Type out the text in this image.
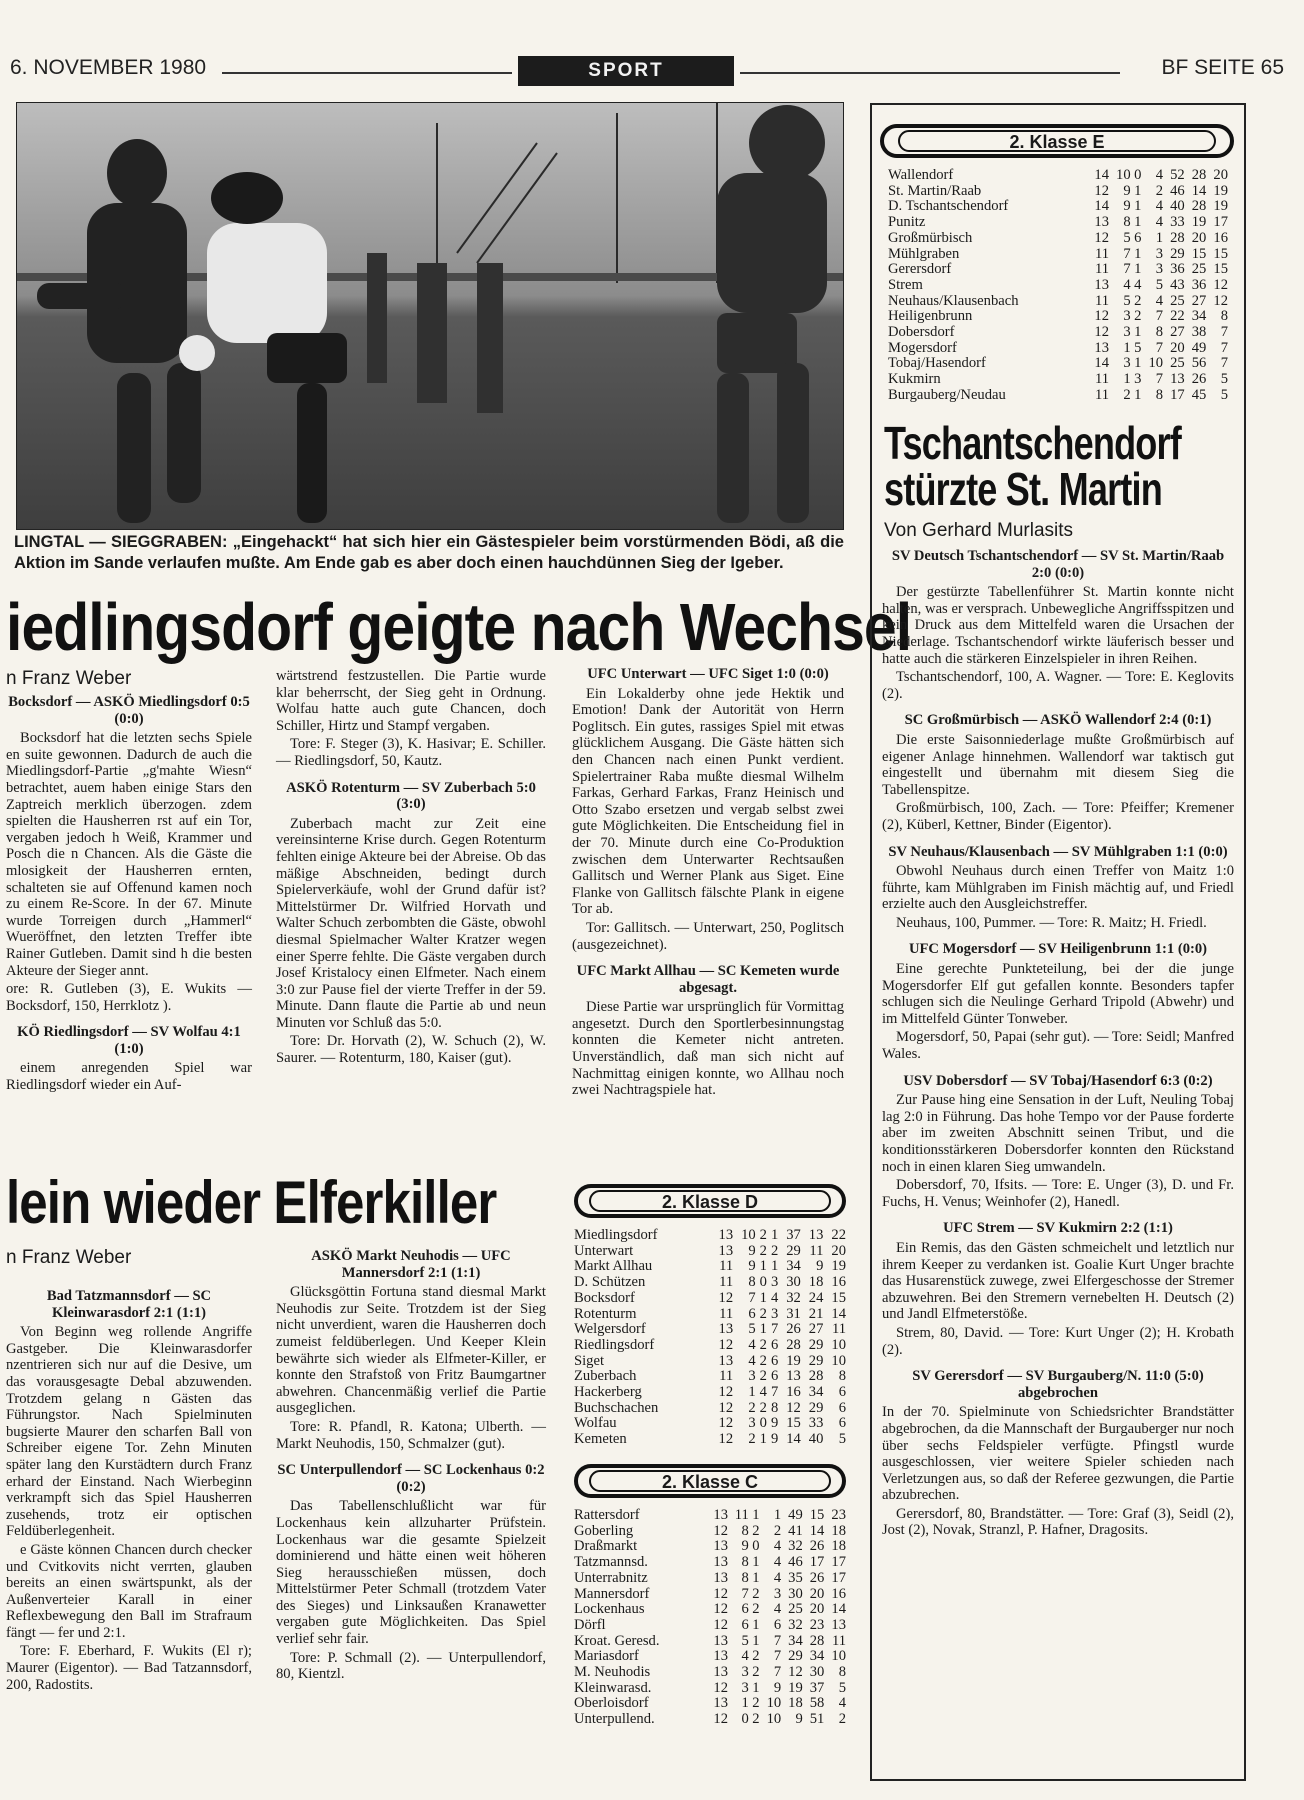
6. NOVEMBER 1980	SPORT	BF SEITE 65
LINGTAL — SIEGGRABEN: „Eingehackt“ hat sich hier ein Gästespieler beim vorstürmenden Bödi, aß die Aktion im Sande verlaufen mußte. Am Ende gab es aber doch einen hauchdünnen Sieg der Igeber.
iedlingsdorf geigte nach Wechsel
n Franz Weber

Bocksdorf — ASKÖ Miedlingsdorf 0:5 (0:0)

Bocksdorf hat die letzten sechs Spiele en suite gewonnen. Dadurch de auch die Miedlingsdorf-Partie „g'mahte Wiesn“ betrachtet, auem haben einige Stars den Zaptreich merklich überzogen. zdem spielten die Hausherren rst auf ein Tor, vergaben jedoch h Weiß, Krammer und Posch die n Chancen. Als die Gäste die mlosigkeit der Hausherren ernten, schalteten sie auf Offenund kamen noch zu einem Re-Score. In der 67. Minute wurde Torreigen durch „Hammerl“ Wueröffnet, den letzten Treffer ibte Rainer Gutleben. Damit sind h die besten Akteure der Sieger annt.

ore: R. Gutleben (3), E. Wukits — Bocksdorf, 150, Herrklotz ).

KÖ Riedlingsdorf — SV Wolfau 4:1 (1:0)

einem anregenden Spiel war Riedlingsdorf wieder ein Auf-

wärtstrend festzustellen. Die Partie wurde klar beherrscht, der Sieg geht in Ordnung. Wolfau hatte auch gute Chancen, doch Schiller, Hirtz und Stampf vergaben.

Tore: F. Steger (3), K. Hasivar; E. Schiller. — Riedlingsdorf, 50, Kautz.

ASKÖ Rotenturm — SV Zuberbach 5:0 (3:0)

Zuberbach macht zur Zeit eine vereinsinterne Krise durch. Gegen Rotenturm fehlten einige Akteure bei der Abreise. Ob das mäßige Abschneiden, bedingt durch Spielerverkäufe, wohl der Grund dafür ist? Mittelstürmer Dr. Wilfried Horvath und Walter Schuch zerbombten die Gäste, obwohl diesmal Spielmacher Walter Kratzer wegen einer Sperre fehlte. Die Gäste vergaben durch Josef Kristalocy einen Elfmeter. Nach einem 3:0 zur Pause fiel der vierte Treffer in der 59. Minute. Dann flaute die Partie ab und neun Minuten vor Schluß das 5:0.

Tore: Dr. Horvath (2), W. Schuch (2), W. Saurer. — Rotenturm, 180, Kaiser (gut).

UFC Unterwart — UFC Siget 1:0 (0:0)

Ein Lokalderby ohne jede Hektik und Emotion! Dank der Autorität von Herrn Poglitsch. Ein gutes, rassiges Spiel mit etwas glücklichem Ausgang. Die Gäste hätten sich den Chancen nach einen Punkt verdient. Spielertrainer Raba mußte diesmal Wilhelm Farkas, Gerhard Farkas, Franz Heinisch und Otto Szabo ersetzen und vergab selbst zwei gute Möglichkeiten. Die Entscheidung fiel in der 70. Minute durch eine Co-Produktion zwischen dem Unterwarter Rechtsaußen Gallitsch und Werner Plank aus Siget. Eine Flanke von Gallitsch fälschte Plank in eigene Tor ab.

Tor: Gallitsch. — Unterwart, 250, Poglitsch (ausgezeichnet).

UFC Markt Allhau — SC Kemeten wurde abgesagt.

Diese Partie war ursprünglich für Vormittag angesetzt. Durch den Sportlerbesinnungstag konnten die Kemeter nicht antreten. Unverständlich, daß man sich nicht auf Nachmittag einigen konnte, wo Allhau noch zwei Nachtragspiele hat.

lein wieder Elferkiller
n Franz Weber

Bad Tatzmannsdorf — SC Kleinwarasdorf 2:1 (1:1)

Von Beginn weg rollende Angriffe Gastgeber. Die Kleinwarasdorfer nzentrieren sich nur auf die Desive, um das vorausgesagte Debal abzuwenden. Trotzdem gelang n Gästen das Führungstor. Nach Spielminuten bugsierte Maurer den scharfen Ball von Schreiber eigene Tor. Zehn Minuten später lang den Kurstädtern durch Franz erhard der Einstand. Nach Wierbeginn verkrampft sich das Spiel Hausherren zusehends, trotz eir optischen Feldüberlegenheit.

e Gäste können Chancen durch checker und Cvitkovits nicht verrten, glauben bereits an einen swärtspunkt, als der Außenverteier Karall in einer Reflexbewegung den Ball im Strafraum fängt — fer und 2:1.

Tore: F. Eberhard, F. Wukits (El r); Maurer (Eigentor). — Bad Tatzannsdorf, 200, Radostits.

ASKÖ Markt Neuhodis — UFC Mannersdorf 2:1 (1:1)

Glücksgöttin Fortuna stand diesmal Markt Neuhodis zur Seite. Trotzdem ist der Sieg nicht unverdient, waren die Hausherren doch zumeist feldüberlegen. Und Keeper Klein bewährte sich wieder als Elfmeter-Killer, er konnte den Strafstoß von Fritz Baumgartner abwehren. Chancenmäßig verlief die Partie ausgeglichen.

Tore: R. Pfandl, R. Katona; Ulberth. — Markt Neuhodis, 150, Schmalzer (gut).

SC Unterpullendorf — SC Lockenhaus 0:2 (0:2)

Das Tabellenschlußlicht war für Lockenhaus kein allzuharter Prüfstein. Lockenhaus war die gesamte Spielzeit dominierend und hätte einen weit höheren Sieg herausschießen müssen, doch Mittelstürmer Peter Schmall (trotzdem Vater des Sieges) und Linksaußen Kranawetter vergaben gute Möglichkeiten. Das Spiel verlief sehr fair.

Tore: P. Schmall (2). — Unterpullendorf, 80, Kientzl.

2. Klasse D
Miedlingsdorf	13	10	2	1	37	13	22
Unterwart	13	9	2	2	29	11	20
Markt Allhau	11	9	1	1	34	9	19
D. Schützen	11	8	0	3	30	18	16
Bocksdorf	12	7	1	4	32	24	15
Rotenturm	11	6	2	3	31	21	14
Welgersdorf	13	5	1	7	26	27	11
Riedlingsdorf	12	4	2	6	28	29	10
Siget	13	4	2	6	19	29	10
Zuberbach	11	3	2	6	13	28	8
Hackerberg	12	1	4	7	16	34	6
Buchschachen	12	2	2	8	12	29	6
Wolfau	12	3	0	9	15	33	6
Kemeten	12	2	1	9	14	40	5
2. Klasse C
Rattersdorf	13	11	1	1	49	15	23
Goberling	12	8	2	2	41	14	18
Draßmarkt	13	9	0	4	32	26	18
Tatzmannsd.	13	8	1	4	46	17	17
Unterrabnitz	13	8	1	4	35	26	17
Mannersdorf	12	7	2	3	30	20	16
Lockenhaus	12	6	2	4	25	20	14
Dörfl	12	6	1	6	32	23	13
Kroat. Geresd.	13	5	1	7	34	28	11
Mariasdorf	13	4	2	7	29	34	10
M. Neuhodis	13	3	2	7	12	30	8
Kleinwarasd.	12	3	1	9	19	37	5
Oberloisdorf	13	1	2	10	18	58	4
Unterpullend.	12	0	2	10	9	51	2
2. Klasse E
Wallendorf	14	10	0	4	52	28	20
St. Martin/Raab	12	9	1	2	46	14	19
D. Tschantschendorf	14	9	1	4	40	28	19
Punitz	13	8	1	4	33	19	17
Großmürbisch	12	5	6	1	28	20	16
Mühlgraben	11	7	1	3	29	15	15
Gerersdorf	11	7	1	3	36	25	15
Strem	13	4	4	5	43	36	12
Neuhaus/Klausenbach	11	5	2	4	25	27	12
Heiligenbrunn	12	3	2	7	22	34	8
Dobersdorf	12	3	1	8	27	38	7
Mogersdorf	13	1	5	7	20	49	7
Tobaj/Hasendorf	14	3	1	10	25	56	7
Kukmirn	11	1	3	7	13	26	5
Burgauberg/Neudau	11	2	1	8	17	45	5
Tschantschendorf
stürzte St. Martin
Von Gerhard Murlasits

SV Deutsch Tschantschendorf — SV St. Martin/Raab 2:0 (0:0)

Der gestürzte Tabellenführer St. Martin konnte nicht halten, was er versprach. Unbewegliche Angriffsspitzen und kein Druck aus dem Mittelfeld waren die Ursachen der Niederlage. Tschantschendorf wirkte läuferisch besser und hatte auch die stärkeren Einzelspieler in ihren Reihen.

Tschantschendorf, 100, A. Wagner. — Tore: E. Keglovits (2).

SC Großmürbisch — ASKÖ Wallendorf 2:4 (0:1)

Die erste Saisonniederlage mußte Großmürbisch auf eigener Anlage hinnehmen. Wallendorf war taktisch gut eingestellt und übernahm mit diesem Sieg die Tabellenspitze.

Großmürbisch, 100, Zach. — Tore: Pfeiffer; Kremener (2), Küberl, Kettner, Binder (Eigentor).

SV Neuhaus/Klausenbach — SV Mühlgraben 1:1 (0:0)

Obwohl Neuhaus durch einen Treffer von Maitz 1:0 führte, kam Mühlgraben im Finish mächtig auf, und Friedl erzielte auch den Ausgleichstreffer.

Neuhaus, 100, Pummer. — Tore: R. Maitz; H. Friedl.

UFC Mogersdorf — SV Heiligenbrunn 1:1 (0:0)

Eine gerechte Punkteteilung, bei der die junge Mogersdorfer Elf gut gefallen konnte. Besonders tapfer schlugen sich die Neulinge Gerhard Tripold (Abwehr) und im Mittelfeld Günter Tonweber.

Mogersdorf, 50, Papai (sehr gut). — Tore: Seidl; Manfred Wales.

USV Dobersdorf — SV Tobaj/Hasendorf 6:3 (0:2)

Zur Pause hing eine Sensation in der Luft, Neuling Tobaj lag 2:0 in Führung. Das hohe Tempo vor der Pause forderte aber im zweiten Abschnitt seinen Tribut, und die konditionsstärkeren Dobersdorfer konnten den Rückstand noch in einen klaren Sieg umwandeln.

Dobersdorf, 70, Ifsits. — Tore: E. Unger (3), D. und Fr. Fuchs, H. Venus; Weinhofer (2), Hanedl.

UFC Strem — SV Kukmirn 2:2 (1:1)

Ein Remis, das den Gästen schmeichelt und letztlich nur ihrem Keeper zu verdanken ist. Goalie Kurt Unger brachte das Husarenstück zuwege, zwei Elfergeschosse der Stremer abzuwehren. Bei den Stremern vernebelten H. Deutsch (2) und Jandl Elfmeterstöße.

Strem, 80, David. — Tore: Kurt Unger (2); H. Krobath (2).

SV Gerersdorf — SV Burgauberg/N. 11:0 (5:0) abgebrochen

In der 70. Spielminute von Schiedsrichter Brandstätter abgebrochen, da die Mannschaft der Burgauberger nur noch über sechs Feldspieler verfügte. Pfingstl wurde ausgeschlossen, vier weitere Spieler schieden nach Verletzungen aus, so daß der Referee gezwungen, die Partie abzubrechen.

Gerersdorf, 80, Brandstätter. — Tore: Graf (3), Seidl (2), Jost (2), Novak, Stranzl, P. Hafner, Dragosits.
